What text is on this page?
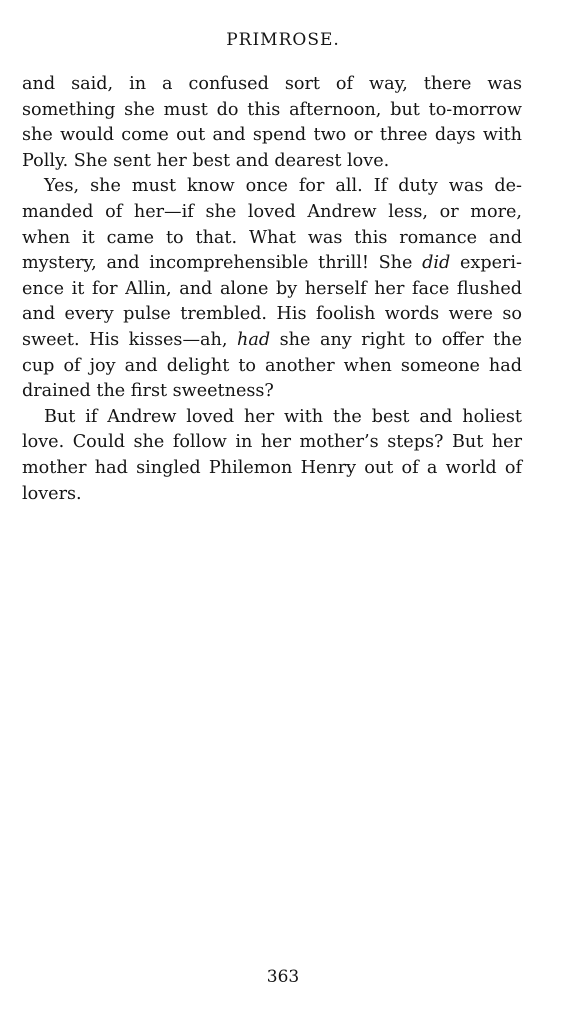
PRIMROSE.

and said, in a confused sort of way, there was something she must do this afternoon, but to-morrow she would come out and spend two or three days with Polly. She sent her best and dearest love.

Yes, she must know once for all. If duty was de-manded of her—if she loved Andrew less, or more, when it came to that. What was this romance and mystery, and incomprehensible thrill! She did experi-ence it for Allin, and alone by herself her face flushed and every pulse trembled. His foolish words were so sweet. His kisses—ah, had she any right to offer the cup of joy and delight to another when someone had drained the first sweetness?

But if Andrew loved her with the best and holiest love. Could she follow in her mother’s steps? But her mother had singled Philemon Henry out of a world of lovers.

363
